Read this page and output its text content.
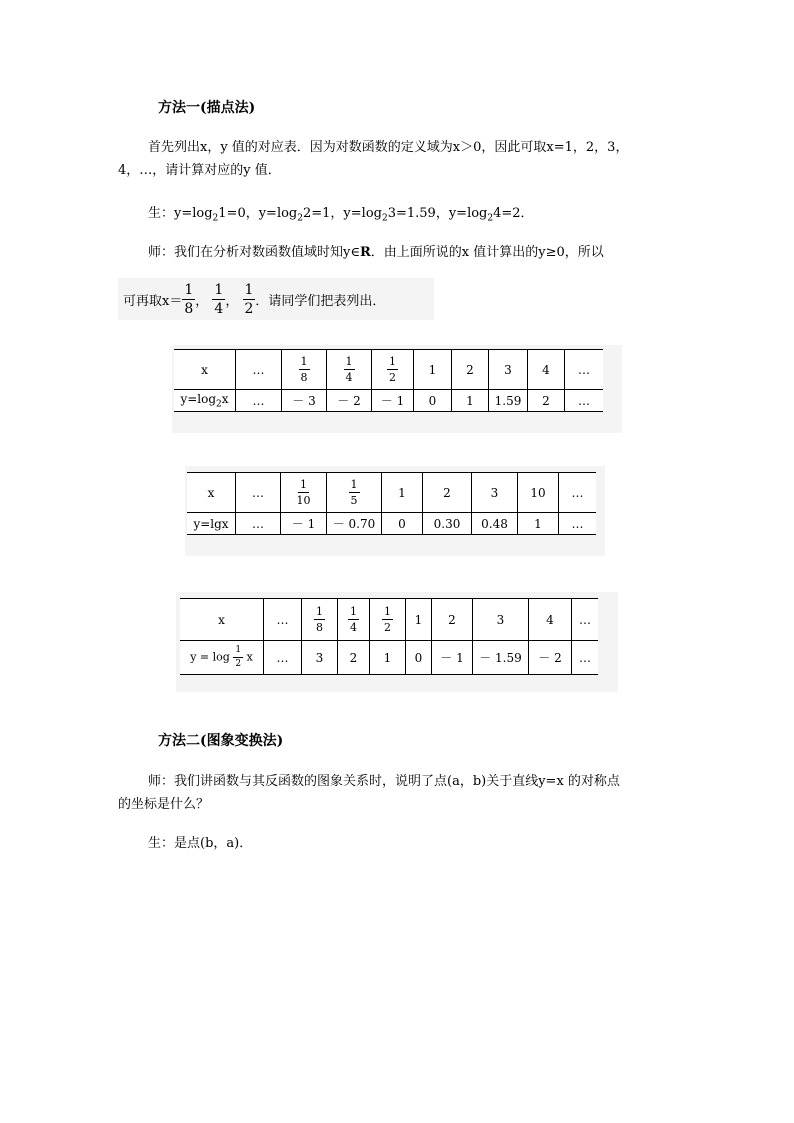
方法一(描点法)
首先列出x，y 值的对应表．因为对数函数的定义域为x＞0，因此可取x=1，2，3，
4，…，请计算对应的y 值．
生：$y=\log_21=0$，$y=\log_22=1$，$y=\log_23=1.59$，$y=\log_24=2$．
师：我们在分析对数函数值域时知y∈R．由上面所说的x 值计算出的y≥0，所以
可再取$x= \frac{1}{8}$ ，
$\frac{1}{4}$ ，
$\frac{1}{2}$ ．请同学们把表列出．
x	…	$\frac{1}{8}$	$\frac{1}{4}$	$\frac{1}{2}$	1	2	3	4	…
$y=\log_2x$	…	－ 3	－ 2	－ 1	0	1	1.59	2	…
x	…	$\frac{1}{10}$	$\frac{1}{5}$	1	2	3	10	…
y=lgx	…	－ 1	－ 0.70	0	0.30	0.48	1	…
x	…	$\frac{1}{8}$	$\frac{1}{4}$	$\frac{1}{2}$	1	2	3	4	…
$y = \log \frac{1}{2}$ x	…	3	2	1	0	－ 1	－ 1.59	－ 2	…
方法二(图象变换法)
师：我们讲函数与其反函数的图象关系时，说明了点(a，b)关于直线y=x 的对称点
的坐标是什么？
生：是点(b，a)．
